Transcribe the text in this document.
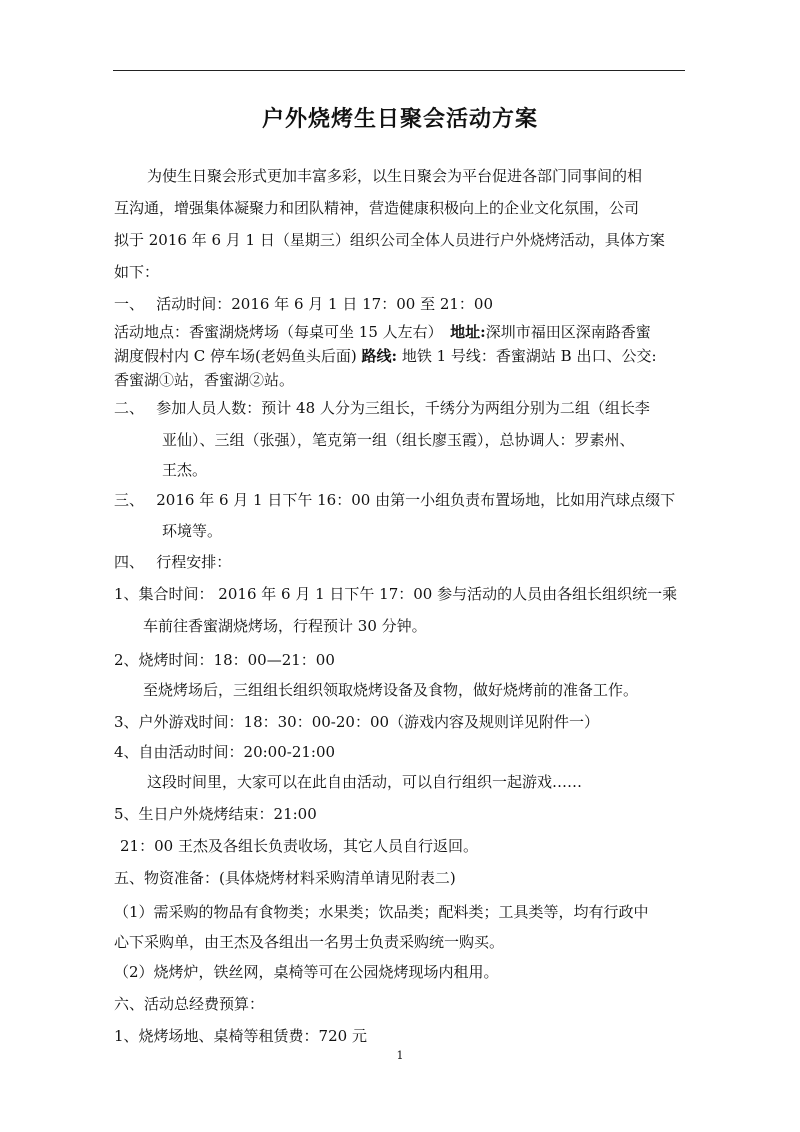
户外烧烤生日聚会活动方案
为使生日聚会形式更加丰富多彩，以生日聚会为平台促进各部门同事间的相
互沟通，增强集体凝聚力和团队精神，营造健康积极向上的企业文化氛围，公司
拟于 2016 年 6 月 1 日（星期三）组织公司全体人员进行户外烧烤活动，具体方案
如下：
一、　 活动时间：2016 年 6 月 1 日 17：00 至 21：00
活动地点：香蜜湖烧烤场（每桌可坐 15 人左右）　地址:深圳市福田区深南路香蜜
湖度假村内 C 停车场(老妈鱼头后面) 路线: 地铁 1 号线：香蜜湖站 B 出口、公交:
香蜜湖①站，香蜜湖②站。
二、　 参加人员人数：预计 48 人分为三组长，千绣分为两组分别为二组（组长李
亚仙）、三组（张强），笔克第一组（组长廖玉霞），总协调人：罗素州、
王杰。
三、　 2016 年 6 月 1 日下午 16：00 由第一小组负责布置场地，比如用汽球点缀下
环境等。
四、　 行程安排：
1、集合时间： 2016 年 6 月 1 日下午 17：00 参与活动的人员由各组长组织统一乘
车前往香蜜湖烧烤场，行程预计 30 分钟。
2、烧烤时间：18：00—21：00
至烧烤场后，三组组长组织领取烧烤设备及食物，做好烧烤前的准备工作。
3、户外游戏时间：18：30：00-20：00（游戏内容及规则详见附件一）
4、自由活动时间：20:00-21:00
这段时间里，大家可以在此自由活动，可以自行组织一起游戏……
5、生日户外烧烤结束：21:00
21：00 王杰及各组长负责收场，其它人员自行返回。
五、物资准备：(具体烧烤材料采购清单请见附表二)
（1）需采购的物品有食物类；水果类；饮品类；配料类；工具类等，均有行政中
心下采购单，由王杰及各组出一名男士负责采购统一购买。
（2）烧烤炉，铁丝网，桌椅等可在公园烧烤现场内租用。
六、活动总经费预算：
1、烧烤场地、桌椅等租赁费：720 元
1
